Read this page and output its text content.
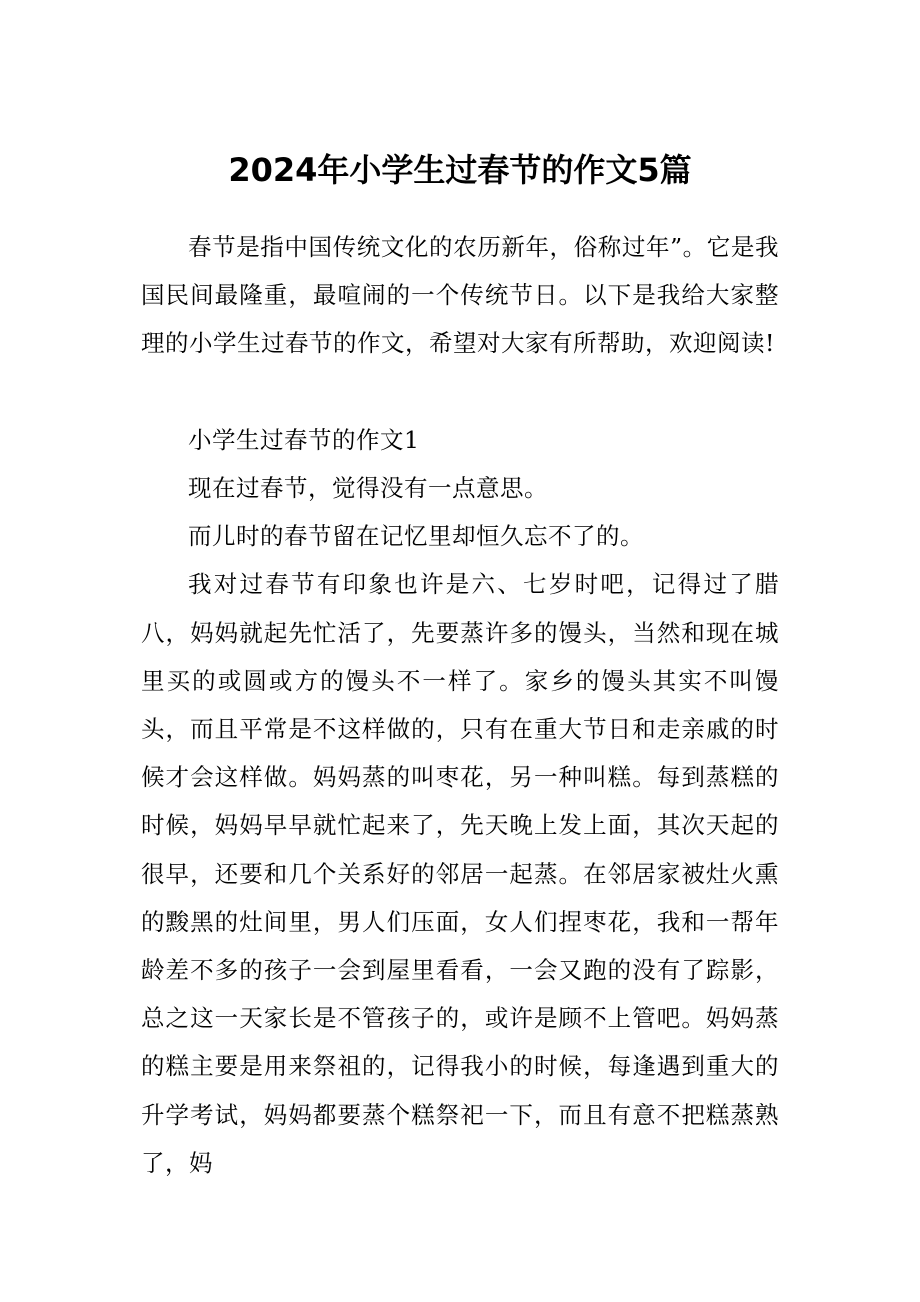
2024年小学生过春节的作文5篇

春节是指中国传统文化的农历新年，俗称过年”。它是我国民间最隆重，最喧闹的一个传统节日。以下是我给大家整理的小学生过春节的作文，希望对大家有所帮助，欢迎阅读!

小学生过春节的作文1

现在过春节，觉得没有一点意思。

而儿时的春节留在记忆里却恒久忘不了的。

我对过春节有印象也许是六、七岁时吧，记得过了腊八，妈妈就起先忙活了，先要蒸许多的馒头，当然和现在城里买的或圆或方的馒头不一样了。家乡的馒头其实不叫馒头，而且平常是不这样做的，只有在重大节日和走亲戚的时候才会这样做。妈妈蒸的叫枣花，另一种叫糕。每到蒸糕的时候，妈妈早早就忙起来了，先天晚上发上面，其次天起的很早，还要和几个关系好的邻居一起蒸。在邻居家被灶火熏的黢黑的灶间里，男人们压面，女人们捏枣花，我和一帮年龄差不多的孩子一会到屋里看看，一会又跑的没有了踪影，总之这一天家长是不管孩子的，或许是顾不上管吧。妈妈蒸的糕主要是用来祭祖的，记得我小的时候，每逢遇到重大的升学考试，妈妈都要蒸个糕祭祀一下，而且有意不把糕蒸熟了，妈
